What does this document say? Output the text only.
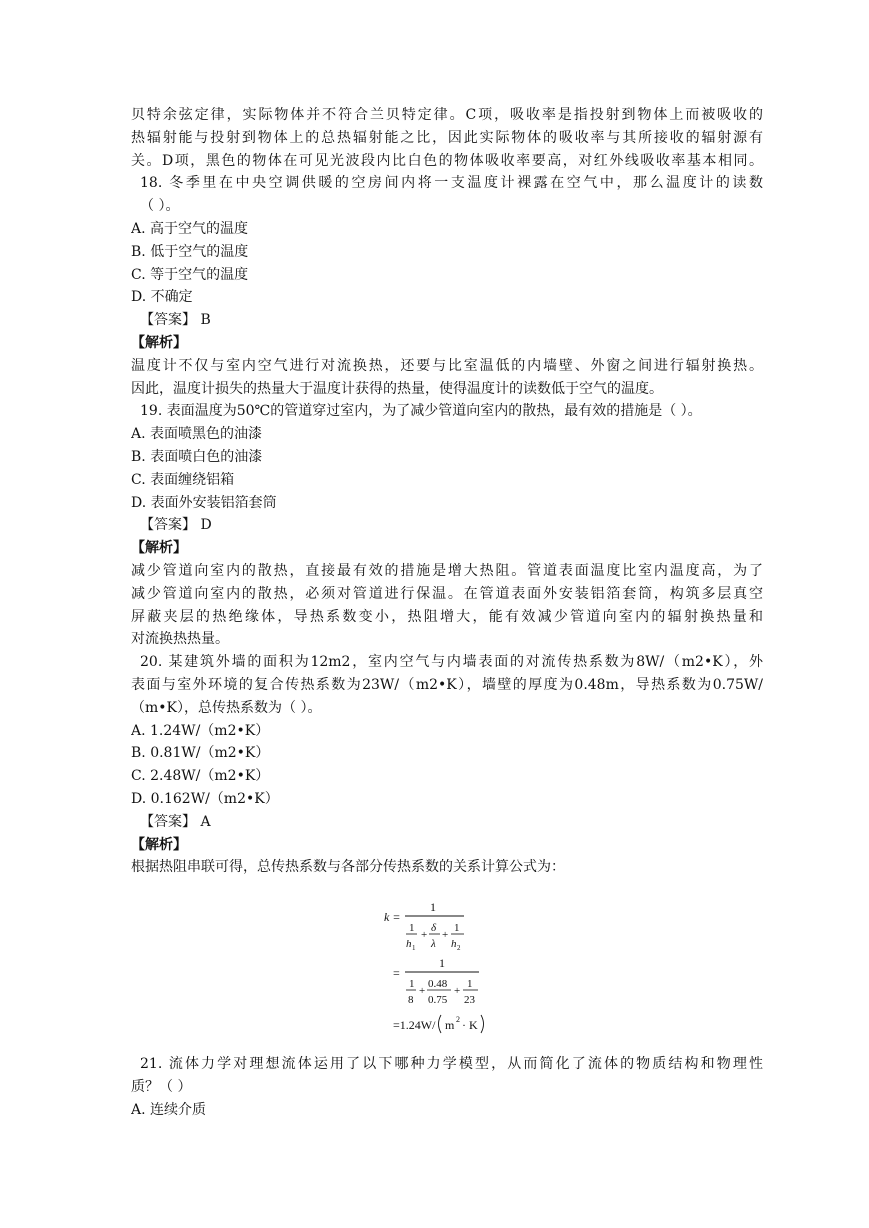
贝特余弦定律，实际物体并不符合兰贝特定律。C项，吸收率是指投射到物体上而被吸收的
热辐射能与投射到物体上的总热辐射能之比，因此实际物体的吸收率与其所接收的辐射源有
关。D项，黑色的物体在可见光波段内比白色的物体吸收率要高，对红外线吸收率基本相同。
18. 冬季里在中央空调供暖的空房间内将一支温度计裸露在空气中，那么温度计的读数
（ ）。
A. 高于空气的温度
B. 低于空气的温度
C. 等于空气的温度
D. 不确定
【答案】 B
【解析】
温度计不仅与室内空气进行对流换热，还要与比室温低的内墙壁、外窗之间进行辐射换热。
因此，温度计损失的热量大于温度计获得的热量，使得温度计的读数低于空气的温度。
19. 表面温度为50℃的管道穿过室内，为了减少管道向室内的散热，最有效的措施是（ ）。
A. 表面喷黑色的油漆
B. 表面喷白色的油漆
C. 表面缠绕铝箱
D. 表面外安装铝箔套筒
【答案】 D
【解析】
减少管道向室内的散热，直接最有效的措施是增大热阻。管道表面温度比室内温度高，为了
减少管道向室内的散热，必须对管道进行保温。在管道表面外安装铝箔套筒，构筑多层真空
屏蔽夹层的热绝缘体，导热系数变小，热阻增大，能有效减少管道向室内的辐射换热量和
对流换热热量。
20. 某建筑外墙的面积为12m2，室内空气与内墙表面的对流传热系数为8W/（m2•K），外
表面与室外环境的复合传热系数为23W/（m2•K），墙壁的厚度为0.48m，导热系数为0.75W/
（m•K），总传热系数为（ ）。
A. 1.24W/（m2•K）
B. 0.81W/（m2•K）
C. 2.48W/（m2•K）
D. 0.162W/（m2•K）
【答案】 A
【解析】
根据热阻串联可得，总传热系数与各部分传热系数的关系计算公式为：
k =
1
1
h 1
+
δ
λ
+
1
h 2
1
=
1
8
+
0.48
0.75
+
1
23
=1.24W/ m 2 · K
21. 流体力学对理想流体运用了以下哪种力学模型，从而简化了流体的物质结构和物理性
质？（ ）
A. 连续介质
